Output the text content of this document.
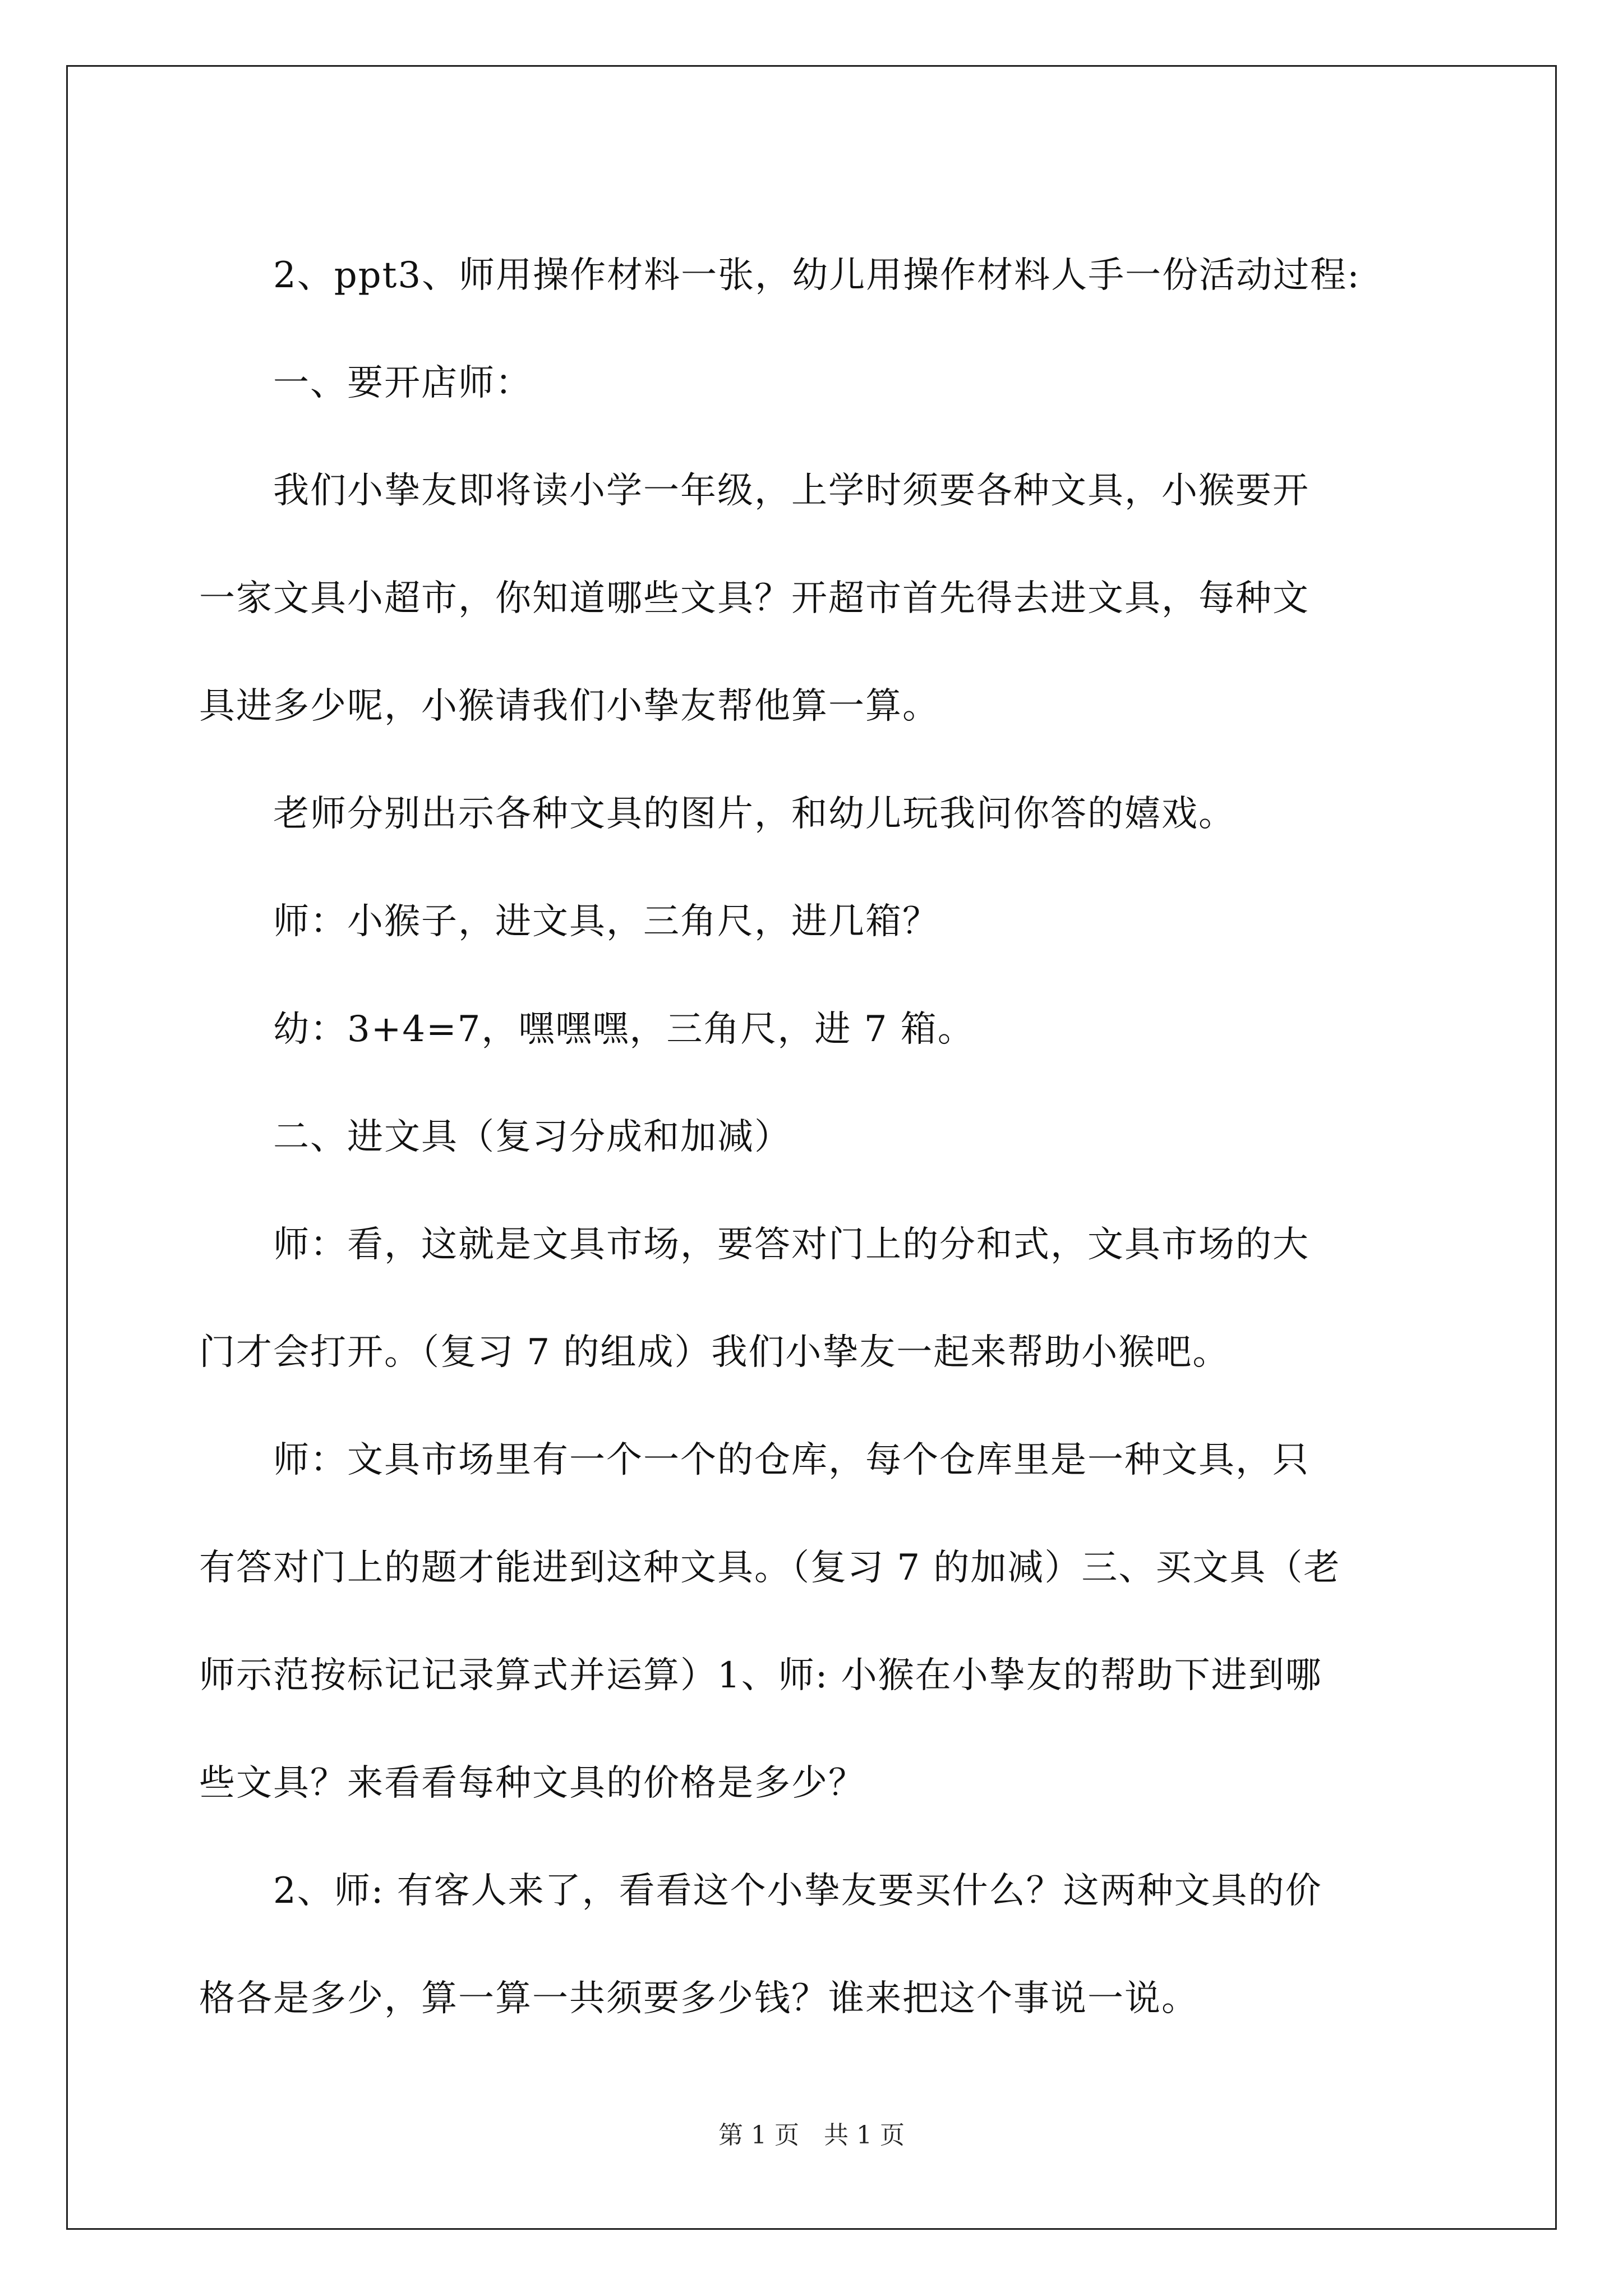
　　2、ppt3、师用操作材料一张，幼儿用操作材料人手一份活动过程:

　　一、要开店师：

　　我们小挚友即将读小学一年级，上学时须要各种文具，小猴要开
一家文具小超市，你知道哪些文具？开超市首先得去进文具，每种文
具进多少呢，小猴请我们小挚友帮他算一算。

　　老师分别出示各种文具的图片，和幼儿玩我问你答的嬉戏。

　　师：小猴子，进文具，三角尺，进几箱？

　　幼：3+4=7，嘿嘿嘿，三角尺，进 7 箱。

　　二、进文具（复习分成和加减）

　　师：看，这就是文具市场，要答对门上的分和式，文具市场的大
门才会打开。（复习 7 的组成）我们小挚友一起来帮助小猴吧。

　　师：文具市场里有一个一个的仓库，每个仓库里是一种文具，只
有答对门上的题才能进到这种文具。（复习 7 的加减）三、买文具（老
师示范按标记记录算式并运算）1、师: 小猴在小挚友的帮助下进到哪
些文具？来看看每种文具的价格是多少？

　　2、师: 有客人来了，看看这个小挚友要买什么？这两种文具的价
格各是多少，算一算一共须要多少钱？谁来把这个事说一说。

第 1 页　共 1 页
